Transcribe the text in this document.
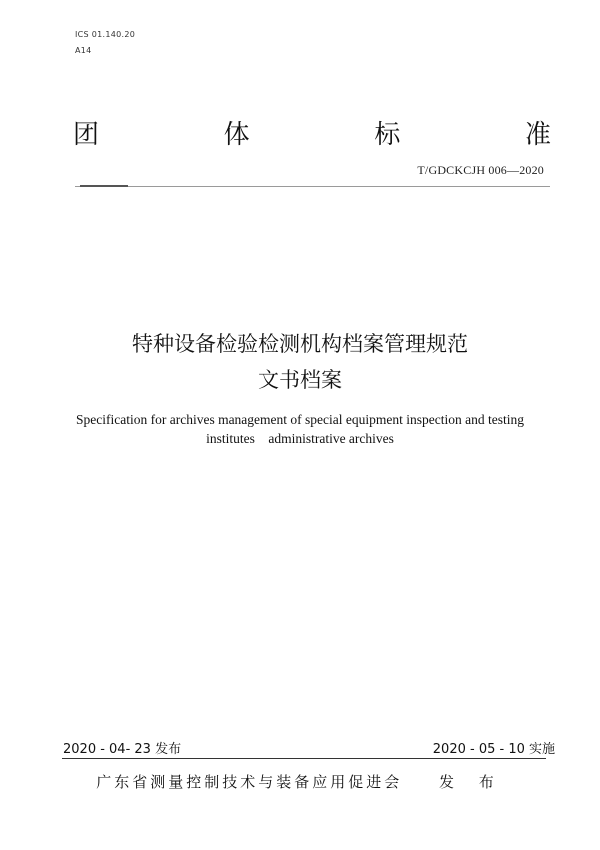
ICS 01.140.20
A14
团	体	标	准
T/GDCKCJH 006—2020
特种设备检验检测机构档案管理规范
文书档案
Specification for archives management of special equipment inspection and testing
institutes    administrative archives
2020 - 04- 23 发布	2020 - 05 - 10 实施
广东省测量控制技术与装备应用促进会 发 布
